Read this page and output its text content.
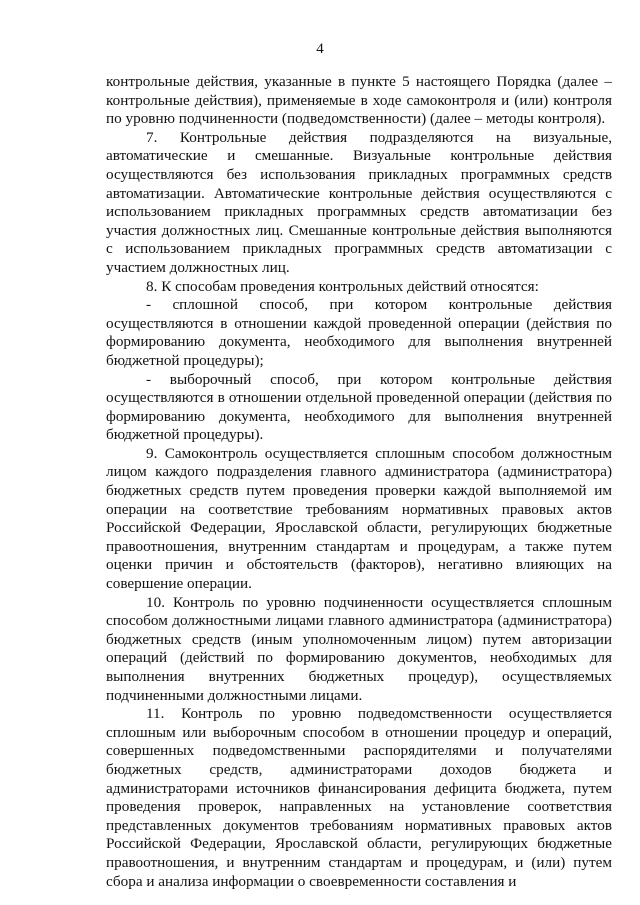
4

контрольные действия, указанные в пункте 5 настоящего Порядка (далее – контрольные действия), применяемые в ходе самоконтроля и (или) контроля по уровню подчиненности (подведомственности) (далее – методы контроля).

7. Контрольные действия подразделяются на визуальные, автоматические и смешанные. Визуальные контрольные действия осуществляются без использования прикладных программных средств автоматизации. Автоматические контрольные действия осуществляются с использованием прикладных программных средств автоматизации без участия должностных лиц. Смешанные контрольные действия выполняются с использованием прикладных программных средств автоматизации с участием должностных лиц.

8. К способам проведения контрольных действий относятся:

- сплошной способ, при котором контрольные действия осуществляются в отношении каждой проведенной операции (действия по формированию документа, необходимого для выполнения внутренней бюджетной процедуры);

- выборочный способ, при котором контрольные действия осуществляются в отношении отдельной проведенной операции (действия по формированию документа, необходимого для выполнения внутренней бюджетной процедуры).

9. Самоконтроль осуществляется сплошным способом должностным лицом каждого подразделения главного администратора (администратора) бюджетных средств путем проведения проверки каждой выполняемой им операции на соответствие требованиям нормативных правовых актов Российской Федерации, Ярославской области, регулирующих бюджетные правоотношения, внутренним стандартам и процедурам, а также путем оценки причин и обстоятельств (факторов), негативно влияющих на совершение операции.

10. Контроль по уровню подчиненности осуществляется сплошным способом должностными лицами главного администратора (администратора) бюджетных средств (иным уполномоченным лицом) путем авторизации операций (действий по формированию документов, необходимых для выполнения внутренних бюджетных процедур), осуществляемых подчиненными должностными лицами.

11. Контроль по уровню подведомственности осуществляется сплошным или выборочным способом в отношении процедур и операций, совершенных подведомственными распорядителями и получателями бюджетных средств, администраторами доходов бюджета и администраторами источников финансирования дефицита бюджета, путем проведения проверок, направленных на установление соответствия представленных документов требованиям нормативных правовых актов Российской Федерации, Ярославской области, регулирующих бюджетные правоотношения, и внутренним стандартам и процедурам, и (или) путем сбора и анализа информации о своевременности составления и
